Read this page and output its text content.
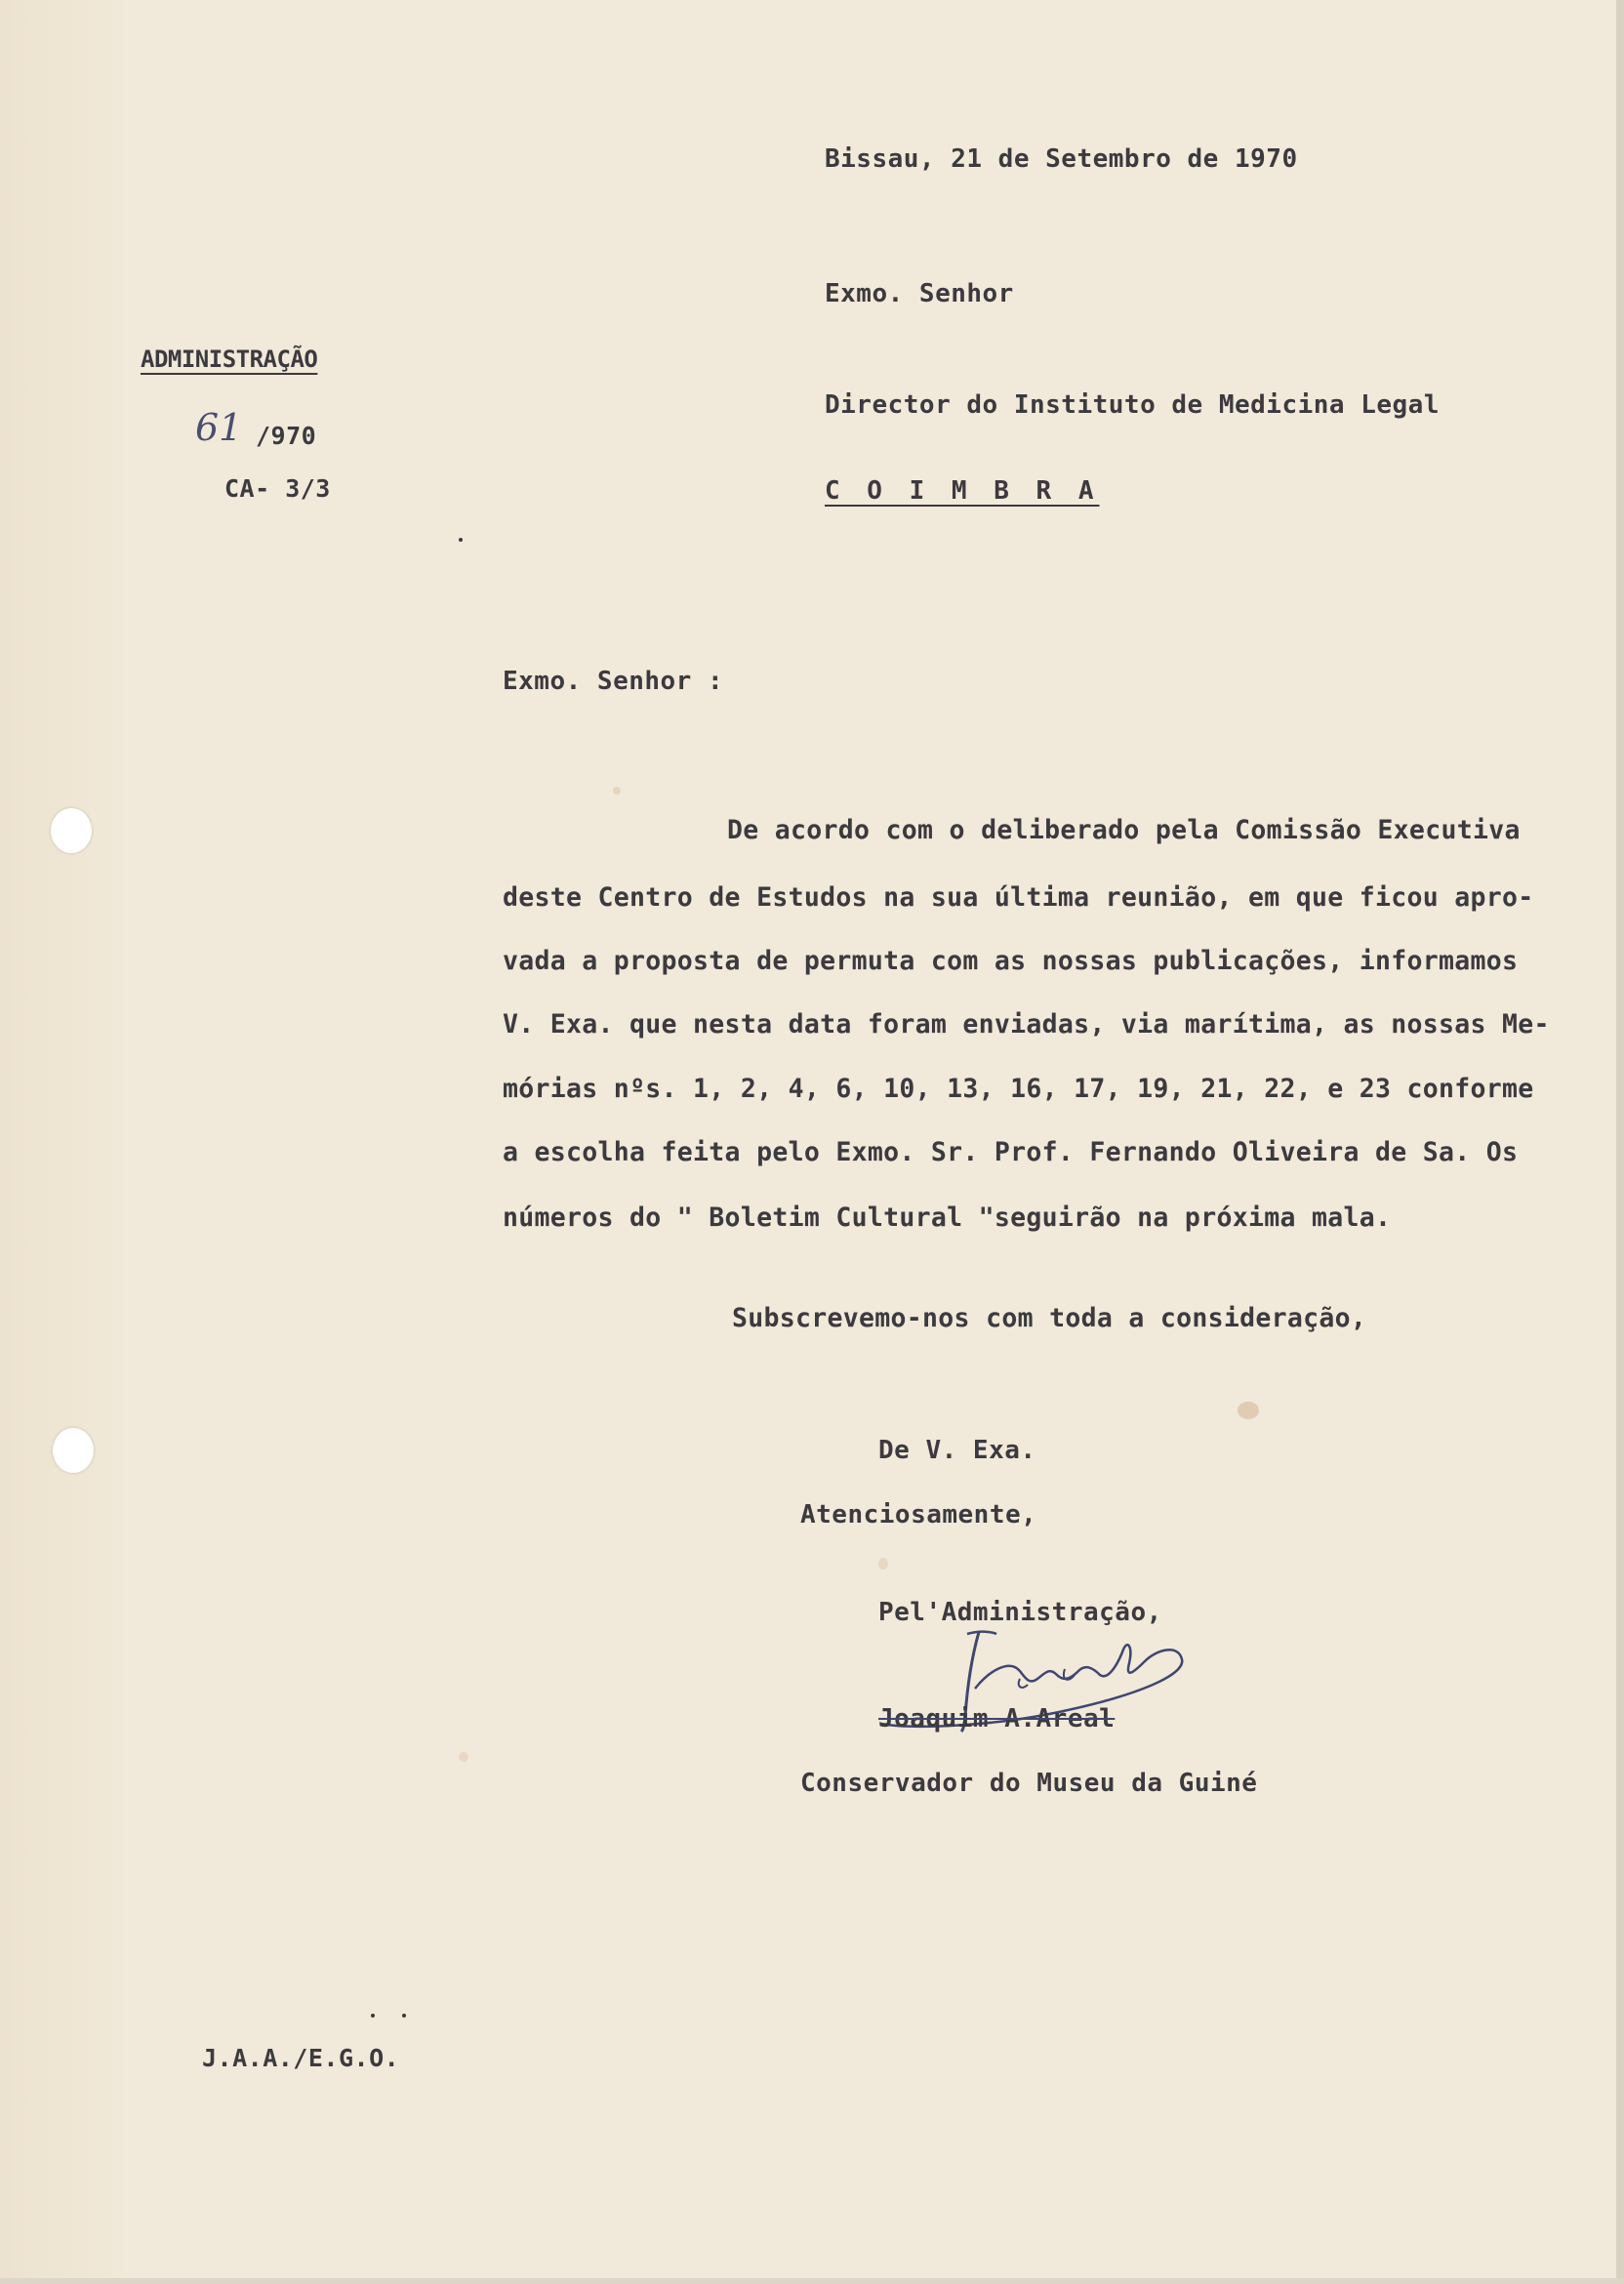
Bissau, 21 de Setembro de 1970
Exmo. Senhor
Director do Instituto de Medicina Legal
C O I M B R A
ADMINISTRAÇÃO
61 /970
CA- 3/3
Exmo. Senhor :
De acordo com o deliberado pela Comissão Executiva
deste Centro de Estudos na sua última reunião, em que ficou apro-
vada a proposta de permuta com as nossas publicações, informamos
V. Exa. que nesta data foram enviadas, via marítima, as nossas Me-
mórias nºs. 1, 2, 4, 6, 10, 13, 16, 17, 19, 21, 22, e 23 conforme
a escolha feita pelo Exmo. Sr. Prof. Fernando Oliveira de Sa. Os
números do " Boletim Cultural "seguirão na próxima mala.
Subscrevemo-nos com toda a consideração,
De V. Exa.
Atenciosamente,
Pel'Administração,
Joaquim A.Areal
Conservador do Museu da Guiné
J.A.A./E.G.O.
